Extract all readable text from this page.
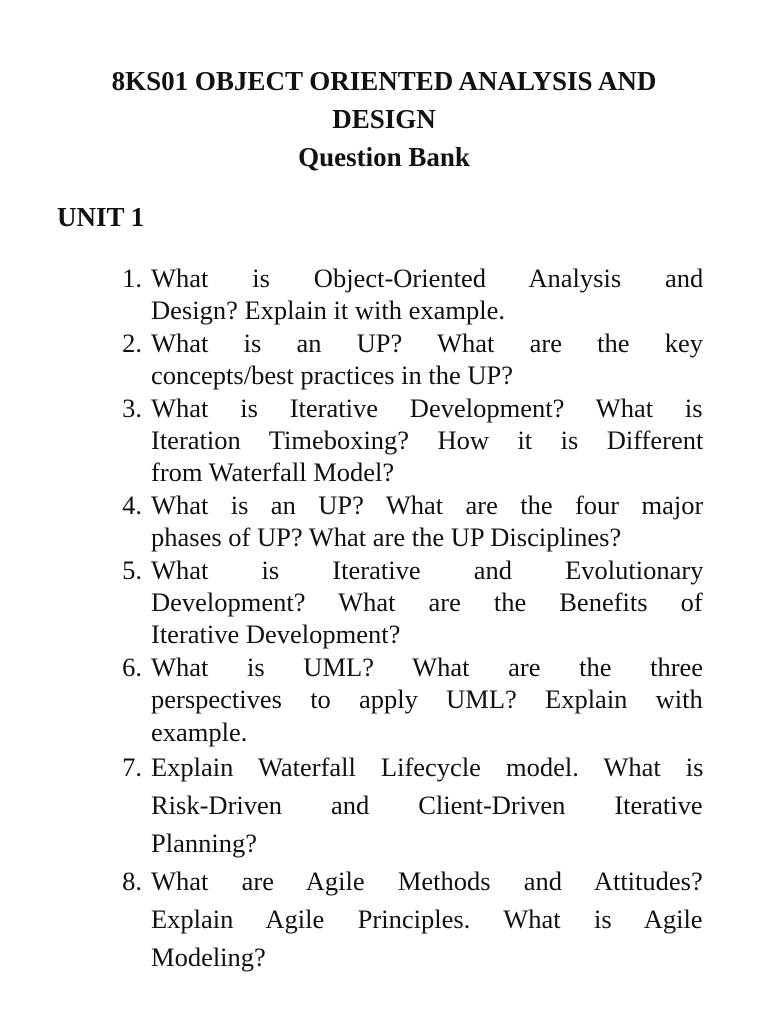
8KS01 OBJECT ORIENTED ANALYSIS AND
DESIGN
Question Bank
UNIT 1
1. What is Object-Oriented Analysis and
Design? Explain it with example.
2. What is an UP? What are the key
concepts/best practices in the UP?
3. What is Iterative Development? What is
Iteration Timeboxing? How it is Different
from Waterfall Model?
4. What is an UP? What are the four major
phases of UP? What are the UP Disciplines?
5. What is Iterative and Evolutionary
Development? What are the Benefits of
Iterative Development?
6. What is UML? What are the three
perspectives to apply UML? Explain with
example.
7. Explain Waterfall Lifecycle model. What is
Risk-Driven and Client-Driven Iterative
Planning?
8. What are Agile Methods and Attitudes?
Explain Agile Principles. What is Agile
Modeling?
